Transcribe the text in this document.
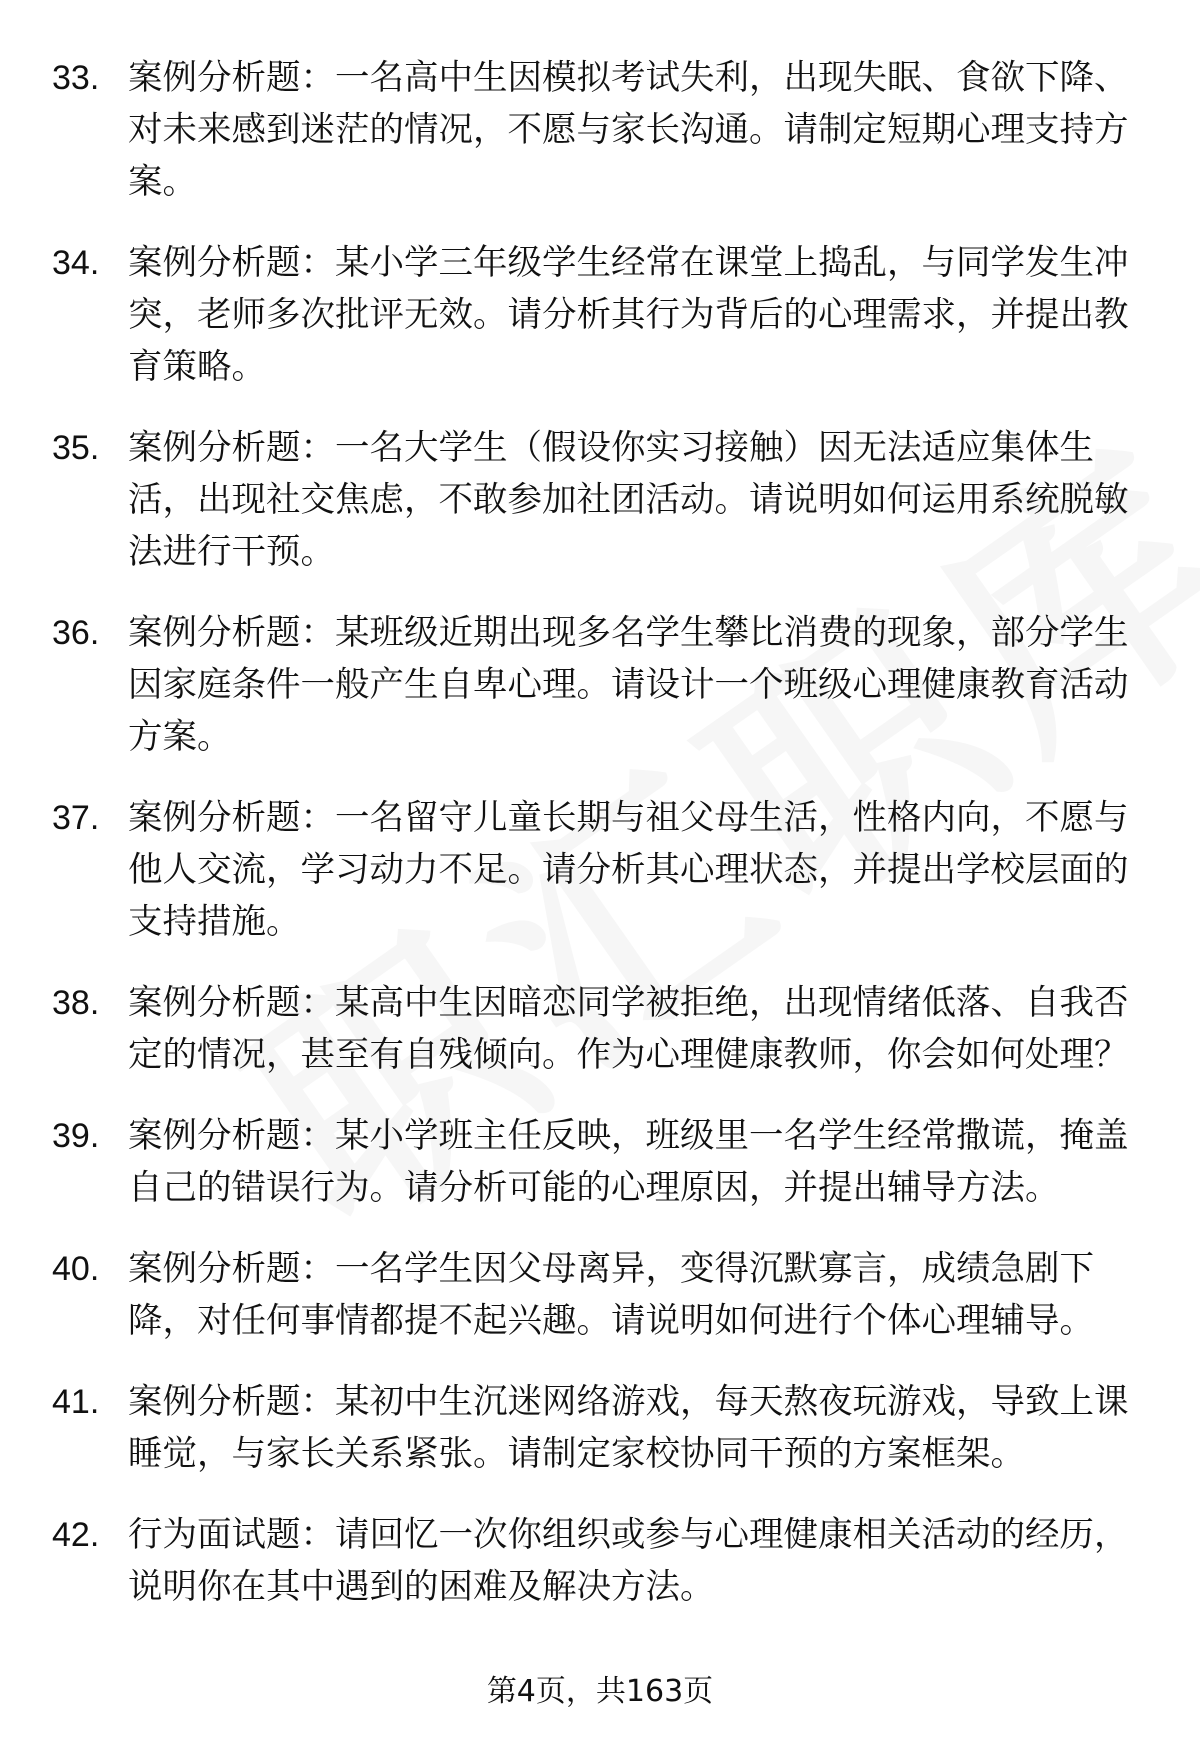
33. 案例分析题：一名高中生因模拟考试失利，出现失眠、食欲下降、对未来感到迷茫的情况，不愿与家长沟通。请制定短期心理支持方案。
34. 案例分析题：某小学三年级学生经常在课堂上捣乱，与同学发生冲突，老师多次批评无效。请分析其行为背后的心理需求，并提出教育策略。
35. 案例分析题：一名大学生（假设你实习接触）因无法适应集体生活，出现社交焦虑，不敢参加社团活动。请说明如何运用系统脱敏法进行干预。
36. 案例分析题：某班级近期出现多名学生攀比消费的现象，部分学生因家庭条件一般产生自卑心理。请设计一个班级心理健康教育活动方案。
37. 案例分析题：一名留守儿童长期与祖父母生活，性格内向，不愿与他人交流，学习动力不足。请分析其心理状态，并提出学校层面的支持措施。
38. 案例分析题：某高中生因暗恋同学被拒绝，出现情绪低落、自我否定的情况，甚至有自残倾向。作为心理健康教师，你会如何处理？
39. 案例分析题：某小学班主任反映，班级里一名学生经常撒谎，掩盖自己的错误行为。请分析可能的心理原因，并提出辅导方法。
40. 案例分析题：一名学生因父母离异，变得沉默寡言，成绩急剧下降，对任何事情都提不起兴趣。请说明如何进行个体心理辅导。
41. 案例分析题：某初中生沉迷网络游戏，每天熬夜玩游戏，导致上课睡觉，与家长关系紧张。请制定家校协同干预的方案框架。
42. 行为面试题：请回忆一次你组织或参与心理健康相关活动的经历，说明你在其中遇到的困难及解决方法。
第4页，共163页
